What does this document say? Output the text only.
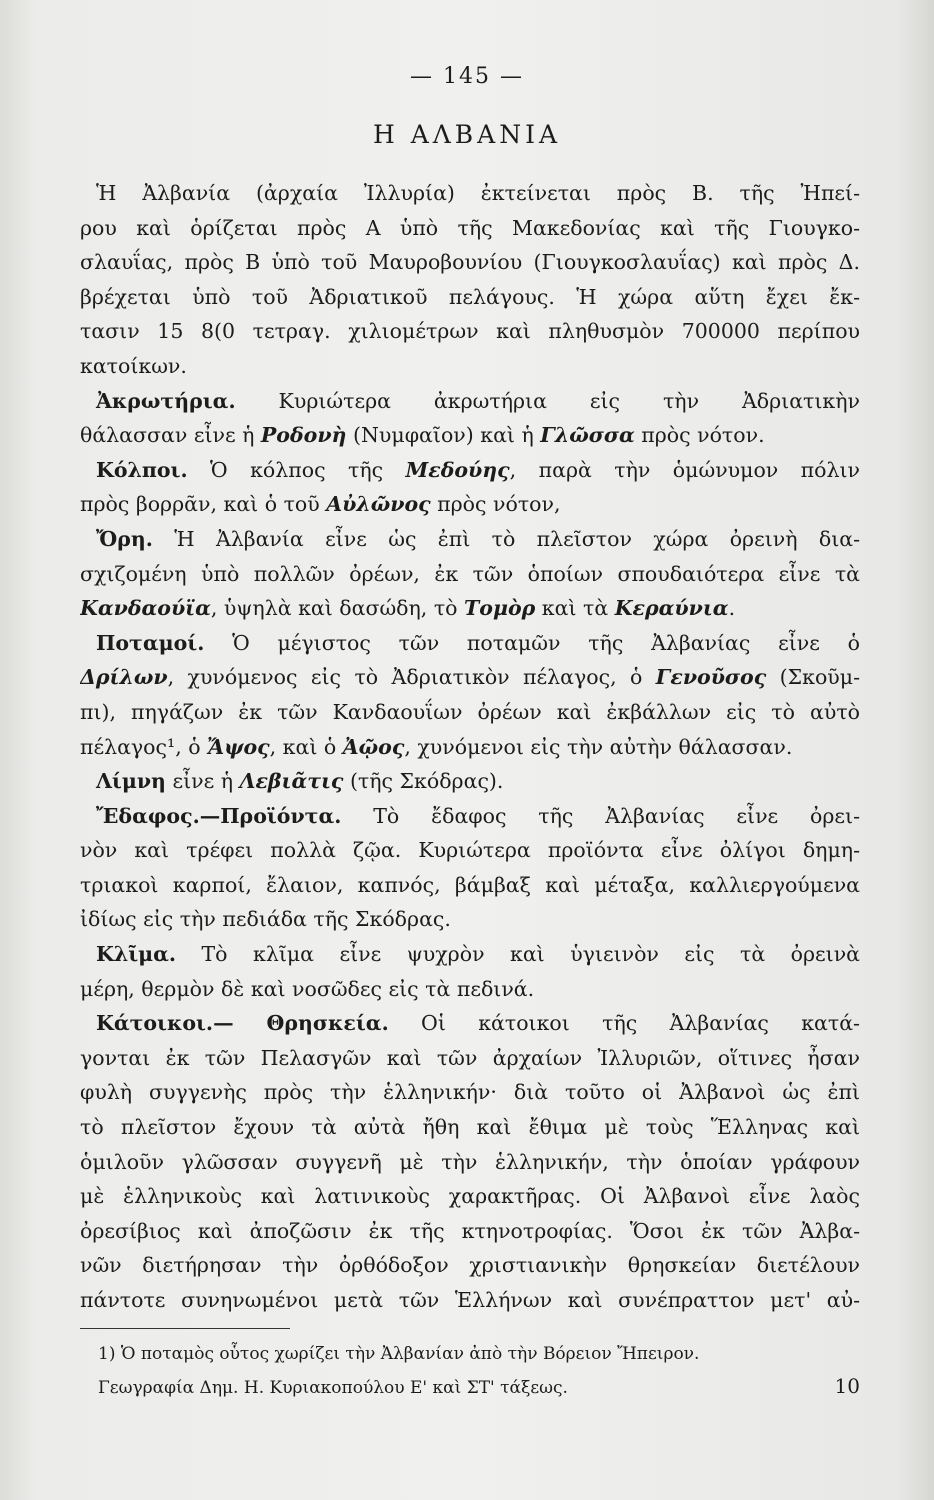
— 145 —
Η ΑΛΒΑΝΙΑ
Ἡ Ἀλβανία (ἀρχαία Ἰλλυρία) ἐκτείνεται πρὸς Β. τῆς Ἠπεί-
ρου καὶ ὁρίζεται πρὸς Α ὑπὸ τῆς Μακεδονίας καὶ τῆς Γιουγκο-
σλαυΐας, πρὸς Β ὑπὸ τοῦ Μαυροβουνίου (Γιουγκοσλαυΐας) καὶ πρὸς Δ.
βρέχεται ὑπὸ τοῦ Ἀδριατικοῦ πελάγους. Ἡ χώρα αὕτη ἔχει ἔκ-
τασιν 15 8(0 τετραγ. χιλιομέτρων καὶ πληθυσμὸν 700000 περίπου
κατοίκων.
Ἀκρωτήρια. Κυριώτερα ἀκρωτήρια εἰς τὴν Ἀδριατικὴν
θάλασσαν εἶνε ἡ Ροδονὴ (Νυμφαῖον) καὶ ἡ Γλῶσσα πρὸς νότον.
Κόλποι. Ὁ κόλπος τῆς Μεδούης, παρὰ τὴν ὁμώνυμον πόλιν
πρὸς βορρᾶν, καὶ ὁ τοῦ Αὐλῶνος πρὸς νότον,
Ὄρη. Ἡ Ἀλβανία εἶνε ὡς ἐπὶ τὸ πλεῖστον χώρα ὀρεινὴ δια-
σχιζομένη ὑπὸ πολλῶν ὀρέων, ἐκ τῶν ὁποίων σπουδαιότερα εἶνε τὰ
Κανδαούϊα, ὑψηλὰ καὶ δασώδη, τὸ Τομὸρ καὶ τὰ Κεραύνια.
Ποταμοί. Ὁ μέγιστος τῶν ποταμῶν τῆς Ἀλβανίας εἶνε ὁ
Δρίλων, χυνόμενος εἰς τὸ Ἀδριατικὸν πέλαγος, ὁ Γενοῦσος (Σκοῦμ-
πι), πηγάζων ἐκ τῶν Κανδαουΐων ὀρέων καὶ ἐκβάλλων εἰς τὸ αὐτὸ
πέλαγος¹, ὁ Ἄψος, καὶ ὁ Ἀῷος, χυνόμενοι εἰς τὴν αὐτὴν θάλασσαν.
Λίμνη εἶνε ἡ Λεβιᾶτις (τῆς Σκόδρας).
Ἔδαφος.—Προϊόντα. Τὸ ἔδαφος τῆς Ἀλβανίας εἶνε ὀρει-
νὸν καὶ τρέφει πολλὰ ζῷα. Κυριώτερα προϊόντα εἶνε ὀλίγοι δημη-
τριακοὶ καρποί, ἔλαιον, καπνός, βάμβαξ καὶ μέταξα, καλλιεργούμενα
ἰδίως εἰς τὴν πεδιάδα τῆς Σκόδρας.
Κλῖμα. Τὸ κλῖμα εἶνε ψυχρὸν καὶ ὑγιεινὸν εἰς τὰ ὀρεινὰ
μέρη, θερμὸν δὲ καὶ νοσῶδες εἰς τὰ πεδινά.
Κάτοικοι.— Θρησκεία. Οἱ κάτοικοι τῆς Ἀλβανίας κατά-
γονται ἐκ τῶν Πελασγῶν καὶ τῶν ἀρχαίων Ἰλλυριῶν, οἵτινες ἦσαν
φυλὴ συγγενὴς πρὸς τὴν ἑλληνικήν· διὰ τοῦτο οἱ Ἀλβανοὶ ὡς ἐπὶ
τὸ πλεῖστον ἔχουν τὰ αὐτὰ ἤθη καὶ ἔθιμα μὲ τοὺς Ἕλληνας καὶ
ὁμιλοῦν γλῶσσαν συγγενῆ μὲ τὴν ἑλληνικήν, τὴν ὁποίαν γράφουν
μὲ ἑλληνικοὺς καὶ λατινικοὺς χαρακτῆρας. Οἱ Ἀλβανοὶ εἶνε λαὸς
ὀρεσίβιος καὶ ἀποζῶσιν ἐκ τῆς κτηνοτροφίας. Ὅσοι ἐκ τῶν Ἀλβα-
νῶν διετήρησαν τὴν ὀρθόδοξον χριστιανικὴν θρησκείαν διετέλουν
πάντοτε συνηνωμένοι μετὰ τῶν Ἑλλήνων καὶ συνέπραττον μετ' αὐ-
1) Ὁ ποταμὸς οὗτος χωρίζει τὴν Ἀλβανίαν ἀπὸ τὴν Βόρειον Ἤπειρον.
Γεωγραφία Δημ. Η. Κυριακοπούλου Ε' καὶ ΣΤ' τάξεως.	10
